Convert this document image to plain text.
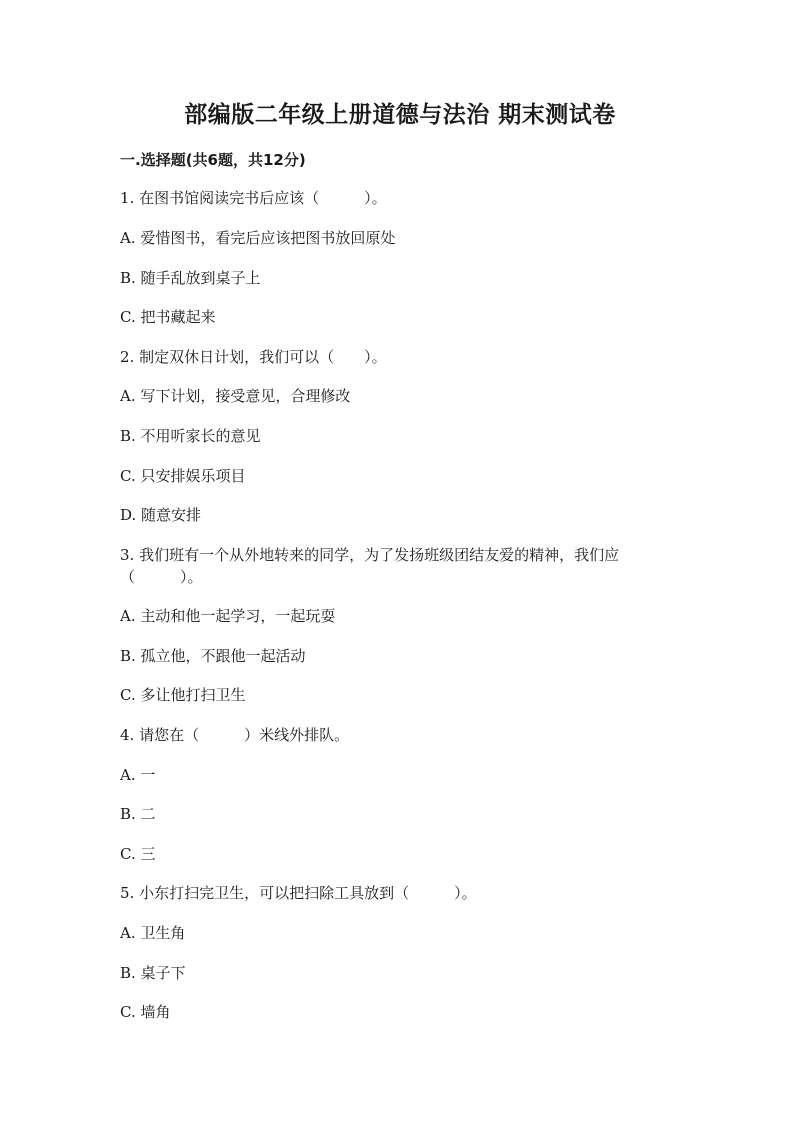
部编版二年级上册道德与法治 期末测试卷
一.选择题(共6题，共12分)
1. 在图书馆阅读完书后应该（　　　）。
A. 爱惜图书，看完后应该把图书放回原处
B. 随手乱放到桌子上
C. 把书藏起来
2. 制定双休日计划，我们可以（　　）。
A. 写下计划，接受意见，合理修改
B. 不用听家长的意见
C. 只安排娱乐项目
D. 随意安排
3. 我们班有一个从外地转来的同学，为了发扬班级团结友爱的精神，我们应
（　　　）。
A. 主动和他一起学习，一起玩耍
B. 孤立他，不跟他一起活动
C. 多让他打扫卫生
4. 请您在（　　　）米线外排队。
A. 一
B. 二
C. 三
5. 小东打扫完卫生，可以把扫除工具放到（　　　）。
A. 卫生角
B. 桌子下
C. 墙角
